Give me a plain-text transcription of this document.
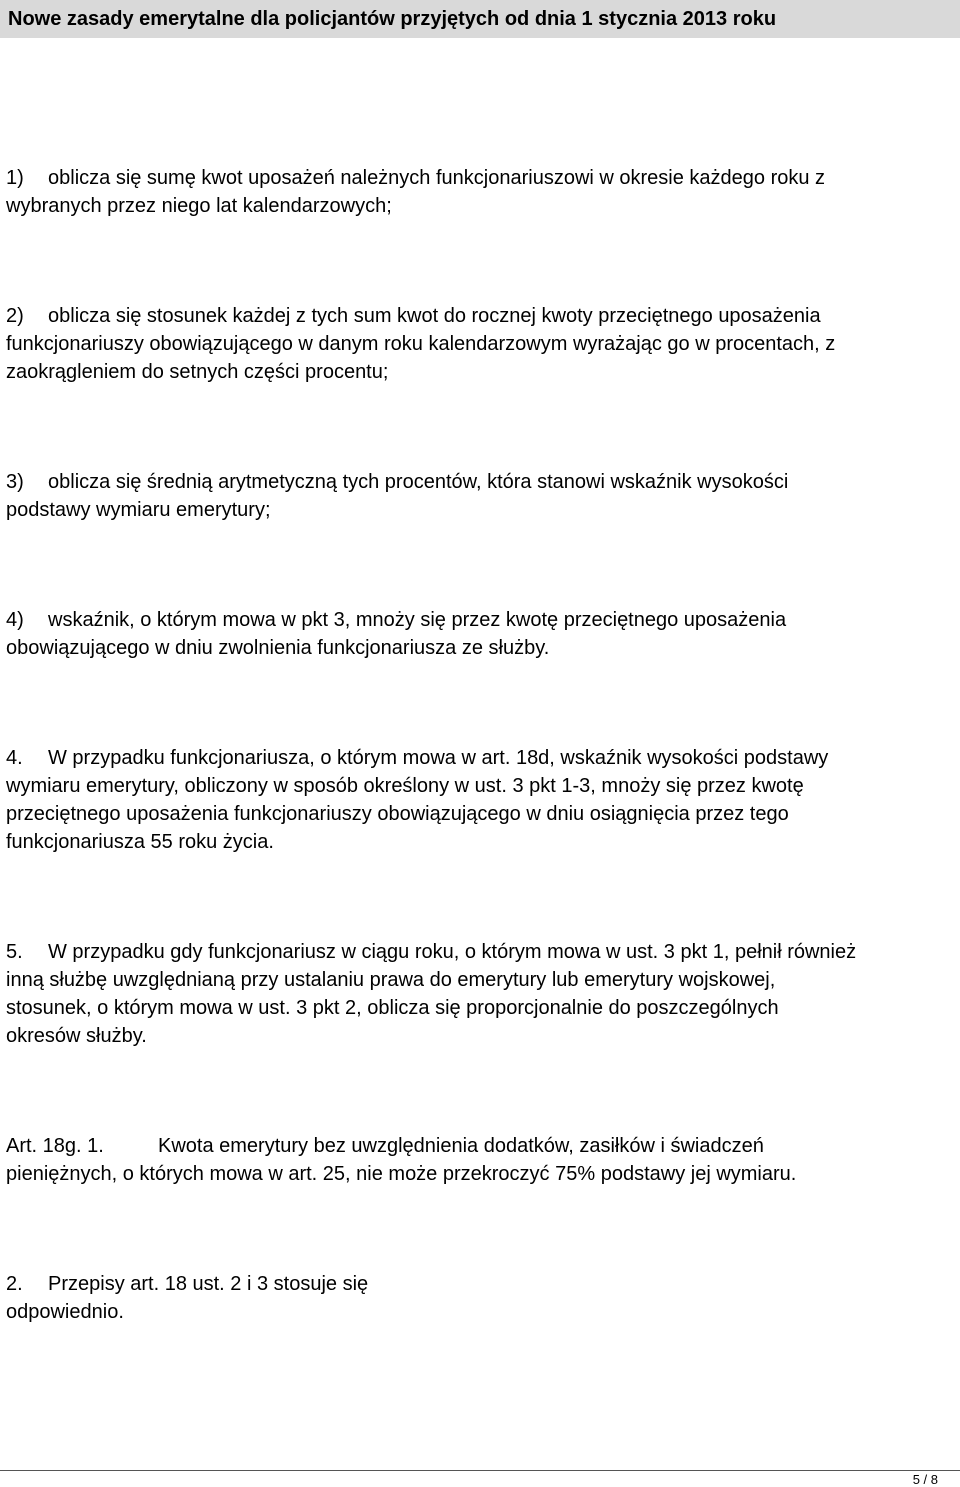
Nowe zasady emerytalne dla policjantów przyjętych od dnia 1 stycznia 2013 roku
1) oblicza się sumę kwot uposażeń należnych funkcjonariuszowi w okresie każdego roku z
wybranych przez niego lat kalendarzowych;
2) oblicza się stosunek każdej z tych sum kwot do rocznej kwoty przeciętnego uposażenia
funkcjonariuszy obowiązującego w danym roku kalendarzowym wyrażając go w procentach, z
zaokrągleniem do setnych części procentu;
3) oblicza się średnią arytmetyczną tych procentów, która stanowi wskaźnik wysokości
podstawy wymiaru emerytury;
4) wskaźnik, o którym mowa w pkt 3, mnoży się przez kwotę przeciętnego uposażenia
obowiązującego w dniu zwolnienia funkcjonariusza ze służby.
4. W przypadku funkcjonariusza, o którym mowa w art. 18d, wskaźnik wysokości podstawy
wymiaru emerytury, obliczony w sposób określony w ust. 3 pkt 1-3, mnoży się przez kwotę
przeciętnego uposażenia funkcjonariuszy obowiązującego w dniu osiągnięcia przez tego
funkcjonariusza 55 roku życia.
5. W przypadku gdy funkcjonariusz w ciągu roku, o którym mowa w ust. 3 pkt 1, pełnił również
inną służbę uwzględnianą przy ustalaniu prawa do emerytury lub emerytury wojskowej,
stosunek, o którym mowa w ust. 3 pkt 2, oblicza się proporcjonalnie do poszczególnych
okresów służby.
Art. 18g. 1.	Kwota emerytury bez uwzględnienia dodatków, zasiłków i świadczeń
pieniężnych, o których mowa w art. 25, nie może przekroczyć 75% podstawy jej wymiaru.
2. Przepisy art. 18 ust. 2 i 3 stosuje się
odpowiednio.
5 / 8
